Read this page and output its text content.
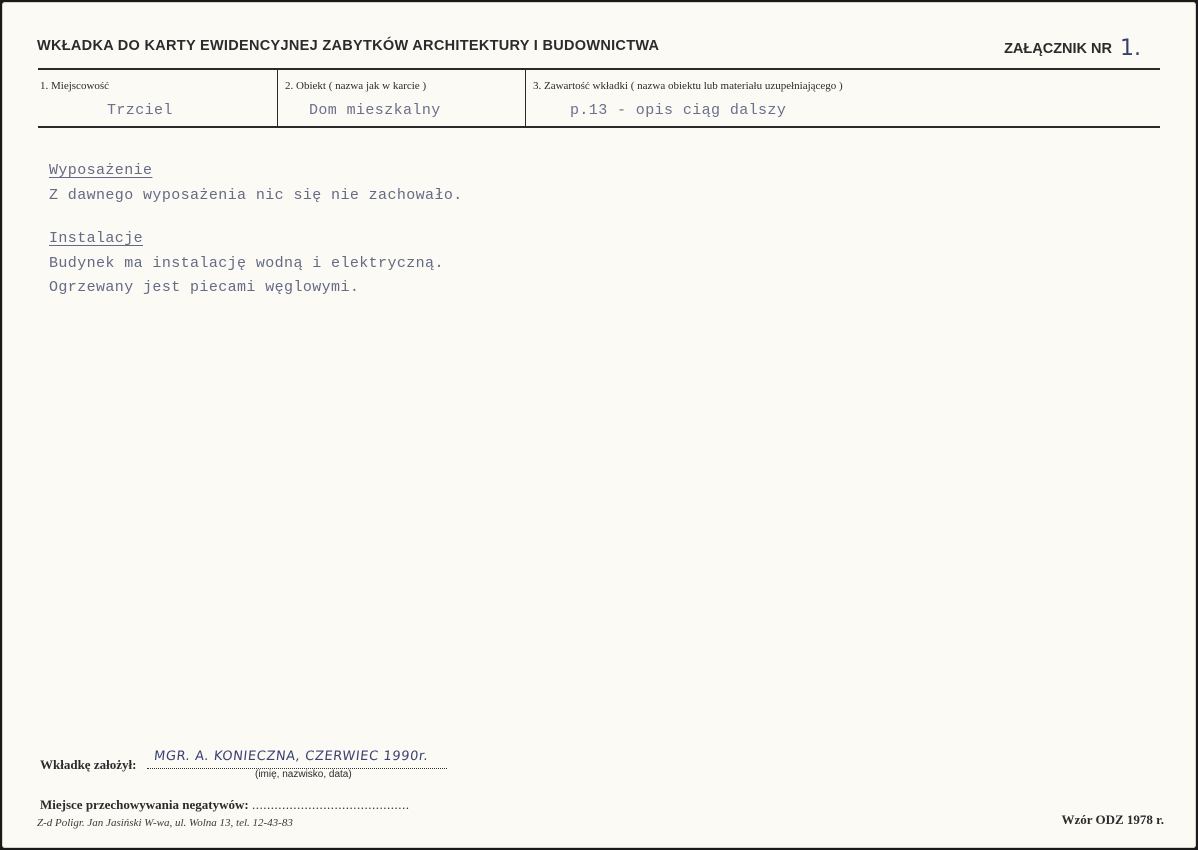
WKŁADKA DO KARTY EWIDENCYJNEJ ZABYTKÓW ARCHITEKTURY I BUDOWNICTWA	ZAŁĄCZNIK NR 1.
1. Miejscowość
Trzciel
2. Obiekt ( nazwa jak w karcie )
Dom mieszkalny
3. Zawartość wkładki ( nazwa obiektu lub materiału uzupełniającego )
p.13 - opis ciąg dalszy
Wyposażenie
Z dawnego wyposażenia nic się nie zachowało.
Instalacje
Budynek ma instalację wodną i elektryczną.
Ogrzewany jest piecami węglowymi.
Wkładkę założył:
MGR. A. KONIECZNA, CZERWIEC 1990r.
(imię, nazwisko, data)
Miejsce przechowywania negatywów: ..........................................
Z-d Poligr. Jan Jasiński W-wa, ul. Wolna 13, tel. 12-43-83	Wzór ODZ 1978 r.
